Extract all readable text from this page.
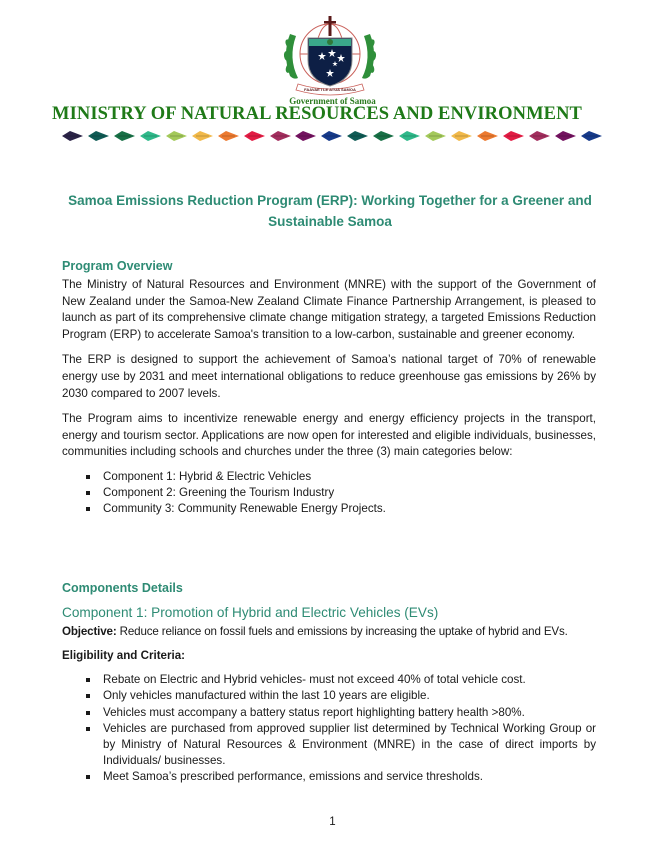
FAAVAE I LE ATUA SAMOA
Government of Samoa
MINISTRY OF NATURAL RESOURCES AND ENVIRONMENT
Samoa Emissions Reduction Program (ERP): Working Together for a Greener and Sustainable Samoa
Program Overview

The Ministry of Natural Resources and Environment (MNRE) with the support of the Government of New Zealand under the Samoa-New Zealand Climate Finance Partnership Arrangement, is pleased to launch as part of its comprehensive climate change mitigation strategy, a targeted Emissions Reduction Program (ERP) to accelerate Samoa's transition to a low-carbon, sustainable and greener economy.

The ERP is designed to support the achievement of Samoa’s national target of 70% of renewable energy use by 2031 and meet international obligations to reduce greenhouse gas emissions by 26% by 2030 compared to 2007 levels.

The Program aims to incentivize renewable energy and energy efficiency projects in the transport, energy and tourism sector. Applications are now open for interested and eligible individuals, businesses, communities including schools and churches under the three (3) main categories below:

Component 1: Hybrid & Electric Vehicles
Component 2: Greening the Tourism Industry
Community 3: Community Renewable Energy Projects.
Components Details
Component 1: Promotion of Hybrid and Electric Vehicles (EVs)

Objective: Reduce reliance on fossil fuels and emissions by increasing the uptake of hybrid and EVs.

Eligibility and Criteria:
Rebate on Electric and Hybrid vehicles- must not exceed 40% of total vehicle cost.
Only vehicles manufactured within the last 10 years are eligible.
Vehicles must accompany a battery status report highlighting battery health >80%.
Vehicles are purchased from approved supplier list determined by Technical Working Group or by Ministry of Natural Resources & Environment (MNRE) in the case of direct imports by Individuals/ businesses.
Meet Samoa’s prescribed performance, emissions and service thresholds.
1
